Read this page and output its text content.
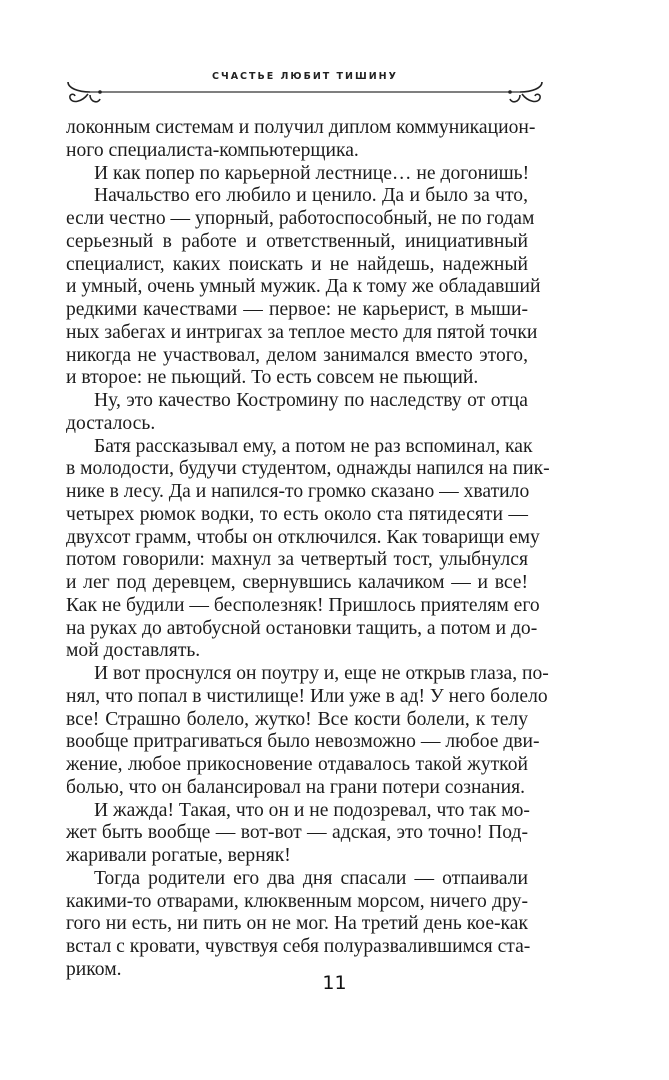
СЧАСТЬЕ ЛЮБИТ ТИШИНУ
локонным системам и получил диплом коммуникацион-
ного специалиста-компьютерщика.
И как попер по карьерной лестнице… не догонишь!
Начальство его любило и ценило. Да и было за что,
если честно — упорный, работоспособный, не по годам
серьезный в работе и ответственный, инициативный
специалист, каких поискать и не найдешь, надежный
и умный, очень умный мужик. Да к тому же обладавший
редкими качествами — первое: не карьерист, в мыши-
ных забегах и интригах за теплое место для пятой точки
никогда не участвовал, делом занимался вместо этого,
и второе: не пьющий. То есть совсем не пьющий.
Ну, это качество Костромину по наследству от отца
досталось.
Батя рассказывал ему, а потом не раз вспоминал, как
в молодости, будучи студентом, однажды напился на пик-
нике в лесу. Да и напился-то громко сказано — хватило
четырех рюмок водки, то есть около ста пятидесяти —
двухсот грамм, чтобы он отключился. Как товарищи ему
потом говорили: махнул за четвертый тост, улыбнулся
и лег под деревцем, свернувшись калачиком — и все!
Как не будили — бесполезняк! Пришлось приятелям его
на руках до автобусной остановки тащить, а потом и до-
мой доставлять.
И вот проснулся он поутру и, еще не открыв глаза, по-
нял, что попал в чистилище! Или уже в ад! У него болело
все! Страшно болело, жутко! Все кости болели, к телу
вообще притрагиваться было невозможно — любое дви-
жение, любое прикосновение отдавалось такой жуткой
болью, что он балансировал на грани потери сознания.
И жажда! Такая, что он и не подозревал, что так мо-
жет быть вообще — вот-вот — адская, это точно! Под-
жаривали рогатые, верняк!
Тогда родители его два дня спасали — отпаивали
какими-то отварами, клюквенным морсом, ничего дру-
гого ни есть, ни пить он не мог. На третий день кое-как
встал с кровати, чувствуя себя полуразвалившимся ста-
риком.
11
